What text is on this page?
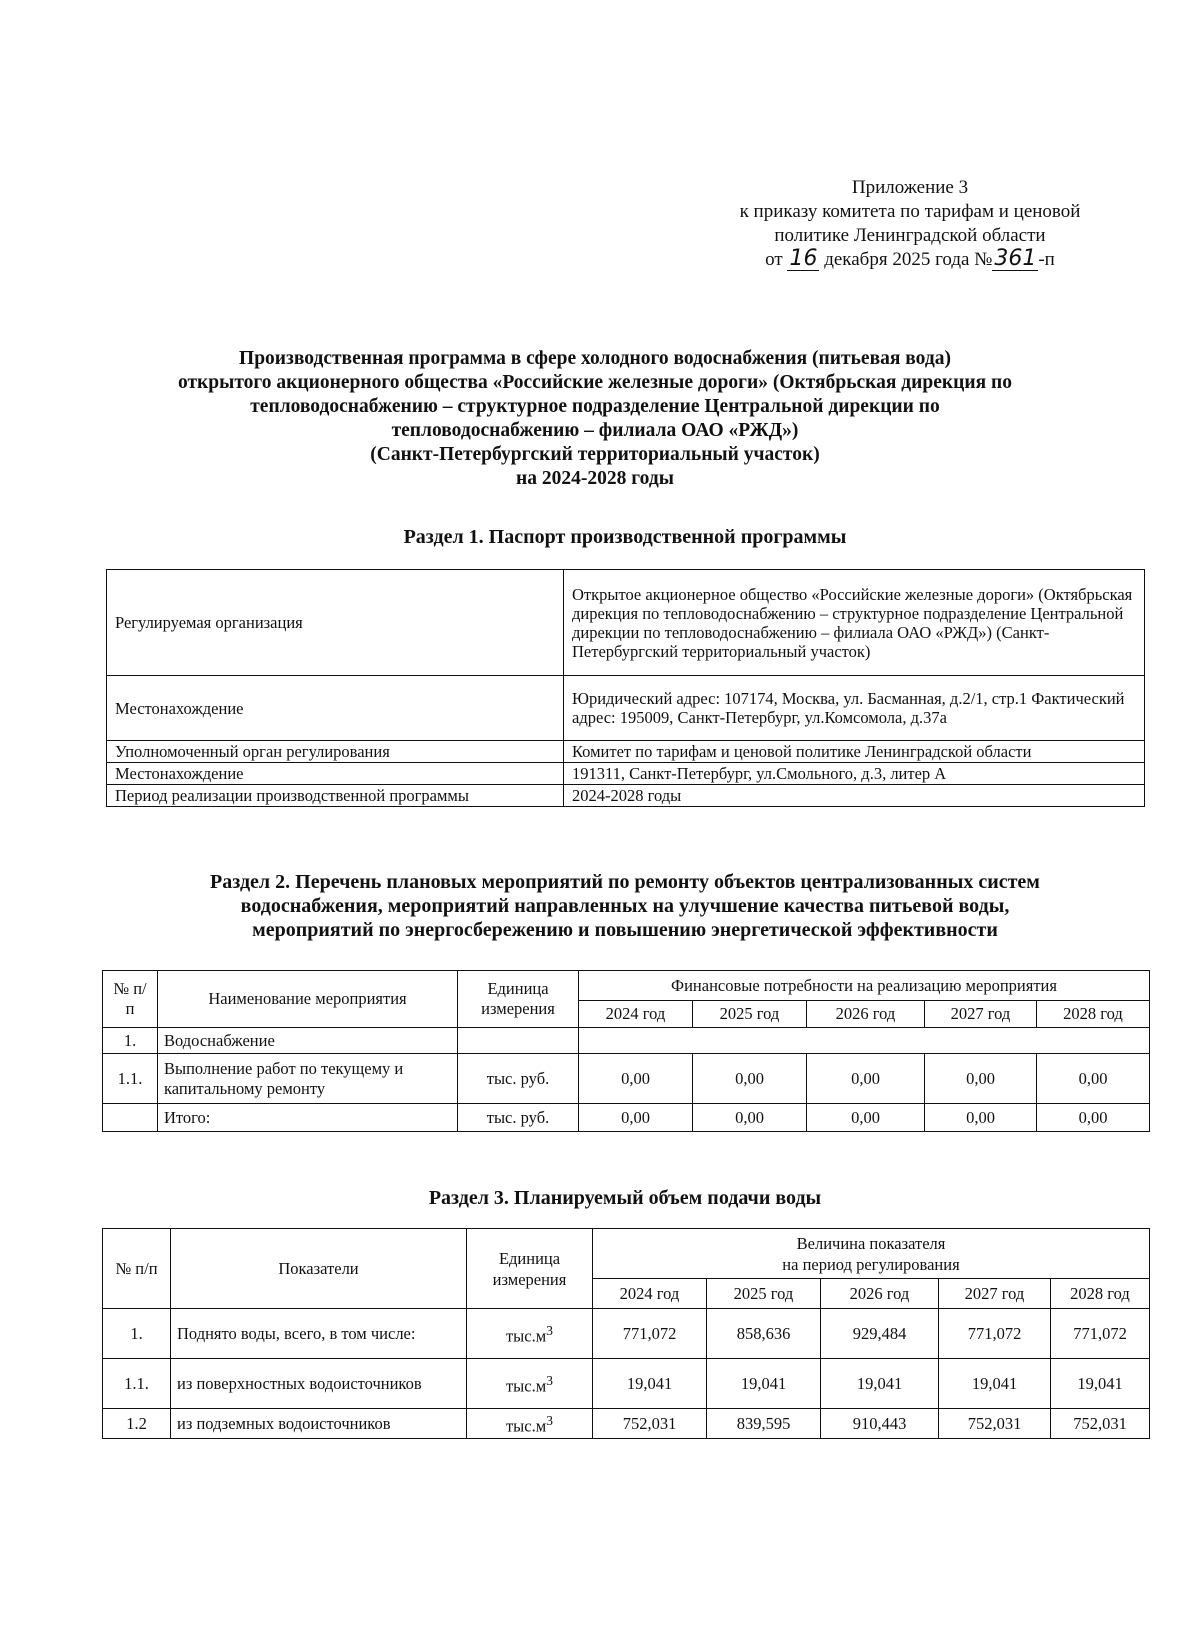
Приложение 3
к приказу комитета по тарифам и ценовой
политике Ленинградской области
от 16 декабря 2025 года №361 -п
Производственная программа в сфере холодного водоснабжения (питьевая вода)
открытого акционерного общества «Российские железные дороги» (Октябрьская дирекция по
тепловодоснабжению – структурное подразделение Центральной дирекции по
тепловодоснабжению – филиала ОАО «РЖД»)
(Санкт-Петербургский территориальный участок)
на 2024-2028 годы
Раздел 1. Паспорт производственной программы
Регулируемая организация	Открытое акционерное общество «Российские железные дороги» (Октябрьская дирекция по тепловодоснабжению – структурное подразделение Центральной дирекции по тепловодоснабжению – филиала ОАО «РЖД») (Санкт-Петербургский территориальный участок)
Местонахождение	Юридический адрес: 107174, Москва, ул. Басманная, д.2/1, стр.1 Фактический адрес: 195009, Санкт-Петербург, ул.Комсомола, д.37а
Уполномоченный орган регулирования	Комитет по тарифам и ценовой политике Ленинградской области
Местонахождение	191311, Санкт-Петербург, ул.Смольного, д.3, литер А
Период реализации производственной программы	2024-2028 годы
Раздел 2. Перечень плановых мероприятий по ремонту объектов централизованных систем
водоснабжения, мероприятий направленных на улучшение качества питьевой воды,
мероприятий по энергосбережению и повышению энергетической эффективности
№ п/п	Наименование мероприятия	Единица измерения	Финансовые потребности на реализацию мероприятия				
			2024 год	2025 год	2026 год	2027 год	2028 год
1.	Водоснабжение						
1.1.	Выполнение работ по текущему и капитальному ремонту	тыс. руб.	0,00	0,00	0,00	0,00	0,00
	Итого:	тыс. руб.	0,00	0,00	0,00	0,00	0,00
Раздел 3. Планируемый объем подачи воды
№ п/п	Показатели	Единица измерения	Величина показателя
на период регулирования				

			2024 год	2025 год	2026 год	2027 год	2028 год
1.	Поднято воды, всего, в том числе:	$тыс.м^3$	771,072	858,636	929,484	771,072	771,072
1.1.	из поверхностных водоисточников	$тыс.м^3$	19,041	19,041	19,041	19,041	19,041
1.2	из подземных водоисточников	$тыс.м^3$	752,031	839,595	910,443	752,031	752,031
